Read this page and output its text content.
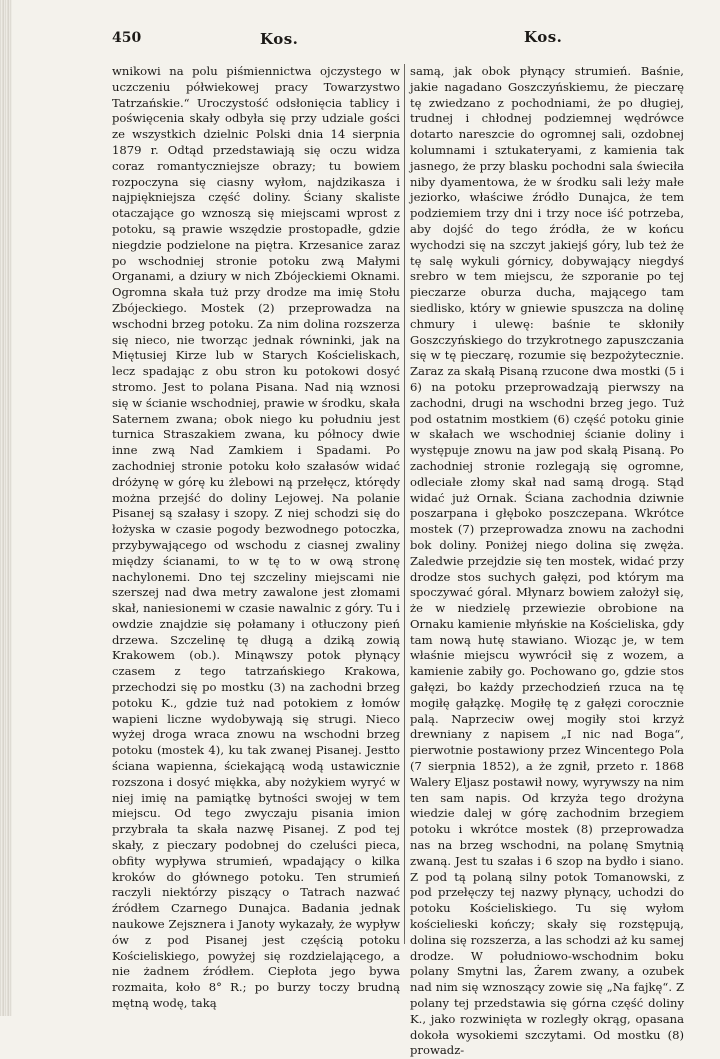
450	Kos.	Kos.

wnikowi na polu piśmiennictwa ojczystego w uczczeniu półwiekowej pracy Towarzystwo Tatrzańskie.“ Uroczystość odsłonięcia tablicy i poświęcenia skały odbyła się przy udziale gości ze wszystkich dzielnic Polski dnia 14 sierpnia 1879 r. Odtąd przedstawiają się oczu widza coraz romantyczniejsze obrazy; tu bowiem rozpoczyna się ciasny wyłom, najdzikasza i najpiękniejsza część doliny. Ściany skaliste otaczające go wznoszą się miejscami wprost z potoku, są prawie wszędzie prostopadłe, gdzie niegdzie podzielone na piętra. Krzesanice zaraz po wschodniej stronie potoku zwą Małymi Organami, a dziury w nich Zbójeckiemi Oknami. Ogromna skała tuż przy drodze ma imię Stołu Zbójeckiego. Mostek (2) przeprowadza na wschodni brzeg potoku. Za nim dolina rozszerza się nieco, nie tworząc jednak równinki, jak na Miętusiej Kirze lub w Starych Kościeliskach, lecz spadając z obu stron ku potokowi dosyć stromo. Jest to polana Pisana. Nad nią wznosi się w ścianie wschodniej, prawie w środku, skała Saternem zwana; obok niego ku południu jest turnica Straszakiem zwana, ku północy dwie inne zwą Nad Zamkiem i Spadami. Po zachodniej stronie potoku koło szałasów widać dróżynę w górę ku żlebowi ną przełęcz, którędy można przejść do doliny Lejowej. Na polanie Pisanej są szałasy i szopy. Z niej schodzi się do łożyska w czasie pogody bezwodnego potoczka, przybywającego od wschodu z ciasnej zwaliny między ścianami, to w tę to w ową stronę nachylonemi. Dno tej szczeliny miejscami nie szerszej nad dwa metry zawalone jest złomami skał, naniesionemi w czasie nawalnic z góry. Tu i owdzie znajdzie się połamany i otłuczony pień drzewa. Szczelinę tę długą a dziką zowią Krakowem (ob.). Minąwszy potok płynący czasem z tego tatrzańskiego Krakowa, przechodzi się po mostku (3) na zachodni brzeg potoku K., gdzie tuż nad potokiem z łomów wapieni liczne wydobywają się strugi. Nieco wyżej droga wraca znowu na wschodni brzeg potoku (mostek 4), ku tak zwanej Pisanej. Jestto ściana wapienna, ściekającą wodą ustawicznie rozszona i dosyć miękka, aby nożykiem wyryć w niej imię na pamiątkę bytności swojej w tem miejscu. Od tego zwyczaju pisania imion przybrała ta skała nazwę Pisanej. Z pod tej skały, z pieczary podobnej do czeluści pieca, obfity wypływa strumień, wpadający o kilka kroków do głównego potoku. Ten strumień raczyli niektórzy piszący o Tatrach nazwać źródłem Czarnego Dunajca. Badania jednak naukowe Zejsznera i Janoty wykazały, że wypływ ów z pod Pisanej jest częścią potoku Kościeliskiego, powyżej się rozdzielającego, a nie żadnem źródłem. Ciepłota jego bywa rozmaita, koło 8° R.; po burzy toczy brudną mętną wodę, taką

samą, jak obok płynący strumień. Baśnie, jakie nagadano Goszczyńskiemu, że pieczarę tę zwiedzano z pochodniami, że po długiej, trudnej i chłodnej podziemnej wędrówce dotarto nareszcie do ogromnej sali, ozdobnej kolumnami i sztukateryami, z kamienia tak jasnego, że przy blasku pochodni sala świeciła niby dyamentowa, że w środku sali leży małe jeziorko, właściwe źródło Dunajca, że tem podziemiem trzy dni i trzy noce iść potrzeba, aby dojść do tego źródła, że w końcu wychodzi się na szczyt jakiejś góry, lub też że tę salę wykuli górnicy, dobywający niegdyś srebro w tem miejscu, że szporanie po tej pieczarze oburza ducha, mającego tam siedlisko, który w gniewie spuszcza na dolinę chmury i ulewę: baśnie te skłoniły Goszczyńskiego do trzykrotnego zapuszczania się w tę pieczarę, rozumie się bezpożytecznie. Zaraz za skałą Pisaną rzucone dwa mostki (5 i 6) na potoku przeprowadzają pierwszy na zachodni, drugi na wschodni brzeg jego. Tuż pod ostatnim mostkiem (6) część potoku ginie w skałach we wschodniej ścianie doliny i występuje znowu na jaw pod skałą Pisaną. Po zachodniej stronie rozlegają się ogromne, odleciałe złomy skał nad samą drogą. Stąd widać już Ornak. Ściana zachodnia dziwnie poszarpana i głęboko poszczepana. Wkrótce mostek (7) przeprowadza znowu na zachodni bok doliny. Poniżej niego dolina się zwęża. Zaledwie przejdzie się ten mostek, widać przy drodze stos suchych gałęzi, pod którym ma spoczywać góral. Młynarz bowiem założył się, że w niedzielę przewiezie obrobione na Ornaku kamienie młyńskie na Kościeliska, gdy tam nową hutę stawiano. Wioząc je, w tem właśnie miejscu wywrócił się z wozem, a kamienie zabiły go. Pochowano go, gdzie stos gałęzi, bo każdy przechodzień rzuca na tę mogiłę gałązkę. Mogiłę tę z gałęzi corocznie palą. Naprzeciw owej mogiły stoi krzyż drewniany z napisem „I nic nad Boga“, pierwotnie postawiony przez Wincentego Pola (7 sierpnia 1852), a że zgnił, przeto r. 1868 Walery Eljasz postawił nowy, wyrywszy na nim ten sam napis. Od krzyża tego drożyna wiedzie dalej w górę zachodnim brzegiem potoku i wkrótce mostek (8) przeprowadza nas na brzeg wschodni, na polanę Smytnią zwaną. Jest tu szałas i 6 szop na bydło i siano. Z pod tą polaną silny potok Tomanowski, z pod przełęczy tej nazwy płynący, uchodzi do potoku Kościeliskiego. Tu się wyłom kościelieski kończy; skały się rozstępują, dolina się rozszerza, a las schodzi aż ku samej drodze. W południowo-wschodnim boku polany Smytni las, Żarem zwany, a ozubek nad nim się wznoszący zowie się „Na fajkę“. Z polany tej przedstawia się górna część doliny K., jako rozwinięta w rozległy okrąg, opasana dokoła wysokiemi szczytami. Od mostku (8) prowadz-
